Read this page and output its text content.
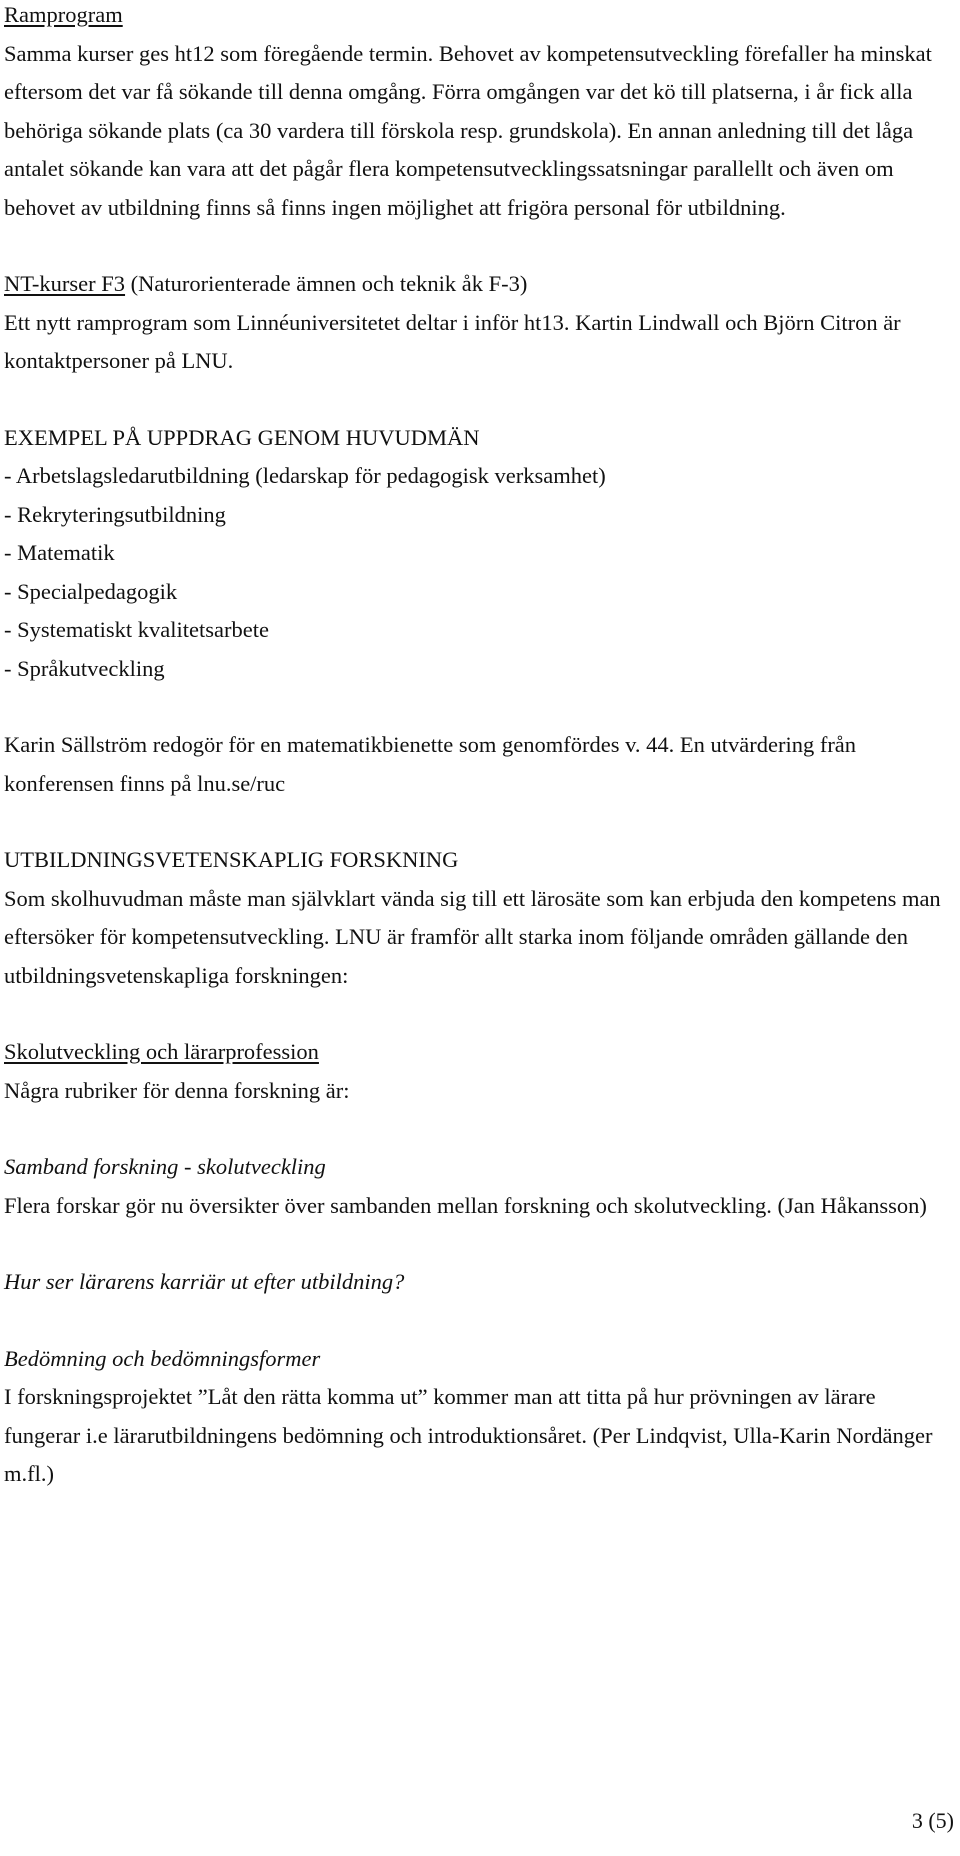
Ramprogram

Samma kurser ges ht12 som föregående termin. Behovet av kompetensutveckling förefaller ha minskat eftersom det var få sökande till denna omgång. Förra omgången var det kö till platserna, i år fick alla behöriga sökande plats (ca 30 vardera till förskola resp. grundskola). En annan anledning till det låga antalet sökande kan vara att det pågår flera kompetensutvecklingssatsningar parallellt och även om behovet av utbildning finns så finns ingen möjlighet att frigöra personal för utbildning.

NT-kurser F3 (Naturorienterade ämnen och teknik åk F-3)

Ett nytt ramprogram som Linnéuniversitetet deltar i inför ht13. Kartin Lindwall och Björn Citron är kontaktpersoner på LNU.

EXEMPEL PÅ UPPDRAG GENOM HUVUDMÄN

- Arbetslagsledarutbildning (ledarskap för pedagogisk verksamhet)

- Rekryteringsutbildning

- Matematik

- Specialpedagogik

- Systematiskt kvalitetsarbete

- Språkutveckling

Karin Sällström redogör för en matematikbienette som genomfördes v. 44. En utvärdering från konferensen finns på lnu.se/ruc

UTBILDNINGSVETENSKAPLIG FORSKNING

Som skolhuvudman måste man självklart vända sig till ett lärosäte som kan erbjuda den kompetens man eftersöker för kompetensutveckling. LNU är framför allt starka inom följande områden gällande den utbildningsvetenskapliga forskningen:

Skolutveckling och lärarprofession

Några rubriker för denna forskning är:

Samband forskning - skolutveckling

Flera forskar gör nu översikter över sambanden mellan forskning och skolutveckling. (Jan Håkansson)

Hur ser lärarens karriär ut efter utbildning?

Bedömning och bedömningsformer

I forskningsprojektet ”Låt den rätta komma ut” kommer man att titta på hur prövningen av lärare fungerar i.e lärarutbildningens bedömning och introduktionsåret. (Per Lindqvist, Ulla-Karin Nordänger m.fl.)

3 (5)
